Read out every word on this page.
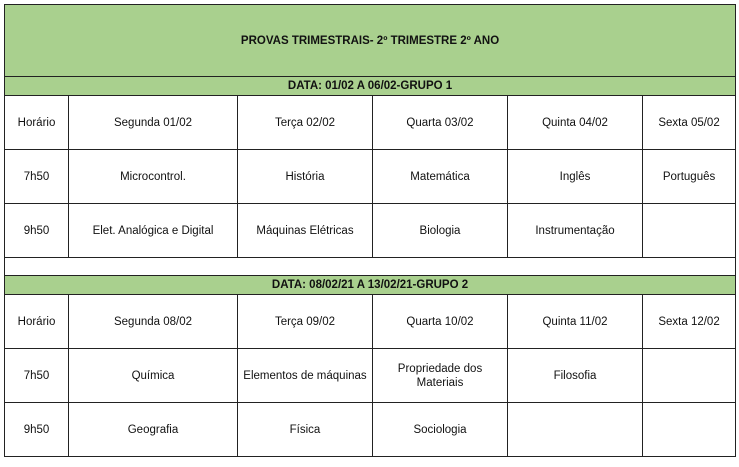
PROVAS TRIMESTRAIS- 2º TRIMESTRE 2º ANO					
DATA: 01/02 A 06/02-GRUPO 1					
Horário	Segunda 01/02	Terça 02/02	Quarta 03/02	Quinta 04/02	Sexta 05/02
7h50	Microcontrol.	História	Matemática	Inglês	Português
9h50	Elet. Analógica e Digital	Máquinas Elétricas	Biologia	Instrumentação	

DATA: 08/02/21 A 13/02/21-GRUPO 2					
Horário	Segunda 08/02	Terça 09/02	Quarta 10/02	Quinta 11/02	Sexta 12/02
7h50	Química	Elementos de máquinas	Propriedade dos Materiais	Filosofia	
9h50	Geografia	Física	Sociologia		
